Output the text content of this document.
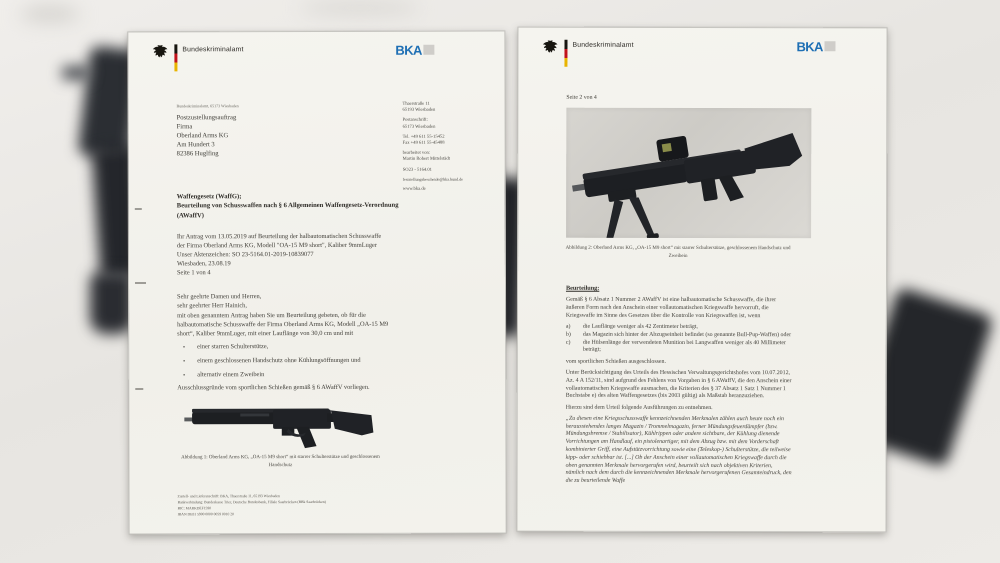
Bundeskriminalamt	BKA
Bundeskriminalamt, 65173 Wiesbaden
Postzustellungsauftrag
Firma
Oberland Arms KG
Am Hundert 3
82386 Huglfing
Thaerstraße 11
65193 Wiesbaden
Postanschrift:
65173 Wiesbaden
Tel. +49 611 55-15452
Fax +49 611 55-45488
bearbeitet von:
Martin Robert Mittelstädt
SO23 - 5164.01
feststellungsbescheide@bka.bund.de
www.bka.de
Waffengesetz (WaffG);
Beurteilung von Schusswaffen nach § 6 Allgemeinen Waffengesetz-Verordnung (AWaffV)
Ihr Antrag vom 13.05.2019 auf Beurteilung der halbautomatischen Schusswaffe der Firma Oberland Arms KG, Modell "OA-15 M9 short", Kaliber 9mmLuger
Unser Aktenzeichen: SO 23-5164.01-2019-10839077
Wiesbaden, 23.08.19
Seite 1 von 4
Sehr geehrte Damen und Herren,
sehr geehrter Herr Hainich,
mit oben genanntem Antrag haben Sie um Beurteilung gebeten, ob für die halbautomatische Schusswaffe der Firma Oberland Arms KG, Modell „OA-15 M9 short“, Kaliber 9mmLuger, mit einer Lauflänge von 30,0 cm und mit
▪	einer starren Schulterstütze,
▪	einem geschlossenen Handschutz ohne Kühlungsöffnungen und
▪	alternativ einem Zweibein
Ausschlussgründe vom sportlichen Schießen gemäß § 6 AWaffV vorliegen.
Abbildung 1: Oberland Arms KG, „OA-15 M9 short“ mit starrer Schulterstütze und geschlossenem Handschutz
Zustell- und Lieferanschrift: BKA, Thaerstraße 11, 65193 Wiesbaden
Bankverbindung: Bundeskasse Trier, Deutsche Bundesbank, Filiale Saarbrücken (BBk Saarbrücken)
BIC: MARKDEF1590
IBAN DE81 5900 0000 0059 0010 20
Bundeskriminalamt	BKA
Seite 2 von 4
Abbildung 2: Oberland Arms KG, „OA-15 M9 short“ mit starrer Schulterstütze, geschlossenem Handschutz und Zweibein
Beurteilung:

Gemäß § 6 Absatz 1 Nummer 2 AWaffV ist eine halbautomatische Schusswaffe, die ihrer äußeren Form nach den Anschein einer vollautomatischen Kriegswaffe hervorruft, die Kriegswaffe im Sinne des Gesetzes über die Kontrolle von Kriegswaffen ist, wenn

a)	die Lauflänge weniger als 42 Zentimeter beträgt,
b)	das Magazin sich hinter der Abzugseinheit befindet (so genannte Bull-Pup-Waffen) oder
c)	die Hülsenlänge der verwendeten Munition bei Langwaffen weniger als 40 Millimeter beträgt;

vom sportlichen Schießen ausgeschlossen.

Unter Berücksichtigung des Urteils des Hessischen Verwaltungsgerichtshofes vom 10.07.2012, Az. 4 A 152/11, sind aufgrund des Fehlens von Vorgaben in § 6 AWaffV, die den Anschein einer vollautomatischen Kriegswaffe ausmachen, die Kriterien des § 37 Absatz 1 Satz 1 Nummer 1 Buchstabe e) des alten Waffengesetzes (bis 2003 gültig) als Maßstab heranzuziehen.

Hierzu sind dem Urteil folgende Ausführungen zu entnehmen.

„Zu diesen eine Kriegsschusswaffe kennzeichnenden Merkmalen zählen auch heute noch ein herausstehendes langes Magazin / Trommelmagazin, ferner Mündungsfeuerdämpfer (bzw. Mündungsbremse / Stabilisator), Kühlrippen oder andere sichtbare, der Kühlung dienende Vorrichtungen am Handlauf, ein pistolenartiger, mit dem Abzug bzw. mit dem Vorderschaft kombinierter Griff, eine Aufstützvorrichtung sowie eine (Teleskop-) Schulterstütze, die teilweise kipp- oder schiebbar ist. [...] Ob der Anschein einer vollautomatischen Kriegswaffe durch die oben genannten Merkmale hervorgerufen wird, beurteilt sich nach objektiven Kriterien, nämlich nach dem durch die kennzeichnenden Merkmale hervorgerufenen Gesamteindruck, den die zu beurteilende Waffe
